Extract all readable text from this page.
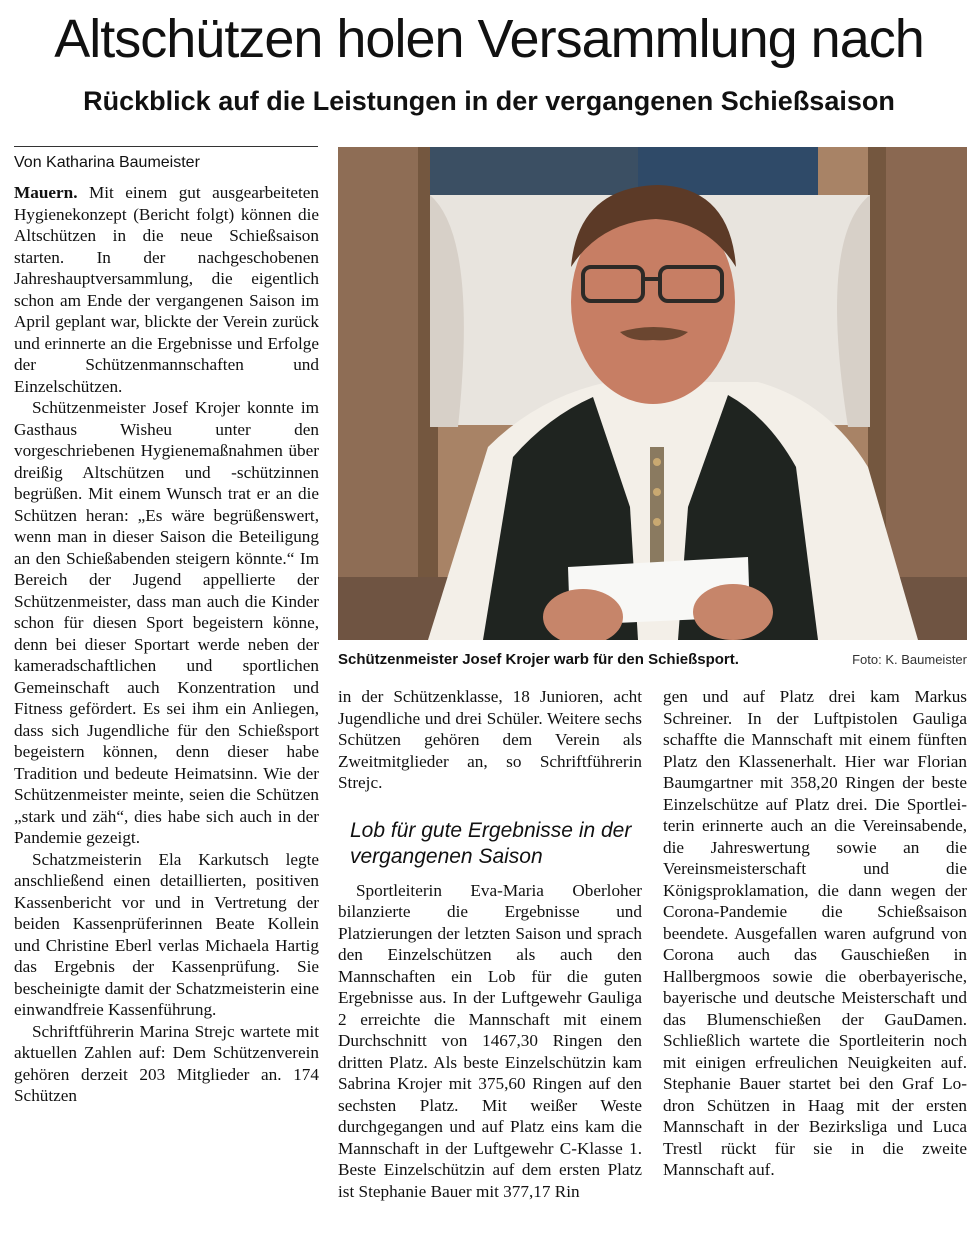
Altschützen holen Versammlung nach
Rückblick auf die Leistungen in der vergangenen Schießsaison
Von Katharina Baumeister

Mauern. Mit einem gut ausgearbeiteten Hygienekonzept (Bericht folgt) können die Altschützen in die neue Schießsaison starten. In der nachgeschobenen Jahreshauptversammlung, die eigentlich schon am Ende der vergangenen Saison im April geplant war, blickte der Verein zurück und erinnerte an die Ergebnisse und Erfolge der Schützenmannschaften und Einzelschützen.

Schützenmeister Josef Krojer konnte im Gasthaus Wisheu unter den vorgeschriebenen Hygienemaßnahmen über dreißig Altschützen und -schützinnen begrüßen. Mit einem Wunsch trat er an die Schützen heran: „Es wäre begrüßenswert, wenn man in dieser Saison die Beteiligung an den Schießabenden steigern könnte.“ Im Bereich der Jugend appellierte der Schützenmeister, dass man auch die Kinder schon für diesen Sport begeistern könne, denn bei dieser Sportart werde neben der kameradschaftlichen und sportlichen Gemeinschaft auch Konzentration und Fitness gefördert. Es sei ihm ein Anliegen, dass sich Jugendliche für den Schießsport begeistern können, denn dieser habe Tradition und bedeute Heimatsinn. Wie der Schützenmeister meinte, seien die Schützen „stark und zäh“, dies habe sich auch in der Pandemie gezeigt.

Schatzmeisterin Ela Karkutsch legte anschließend einen detaillierten, positiven Kassenbericht vor und in Vertretung der beiden Kassenprüferinnen Beate Kollein und Christine Eberl verlas Michaela Hartig das Ergebnis der Kassenprüfung. Sie bescheinigte damit der Schatzmeisterin eine einwandfreie Kassenführung.

Schriftführerin Marina Strejc wartete mit aktuellen Zahlen auf: Dem Schützenverein gehören derzeit 203 Mitglieder an. 174 Schützen

Schützenmeister Josef Krojer warb für den Schießsport.	Foto: K. Baumeister

in der Schützenklasse, 18 Junioren, acht Jugendliche und drei Schüler. Weitere sechs Schützen gehören dem Verein als Zweitmitglieder an, so Schriftführerin Strejc.

Lob für gute Ergebnisse in der vergangenen Saison

Sportleiterin Eva-Maria Oberloher bilanzierte die Ergebnisse und Platzierungen der letzten Saison und sprach den Einzelschützen als auch den Mannschaften ein Lob für die guten Ergebnisse aus. In der Luftgewehr Gauliga 2 erreichte die Mannschaft mit einem Durchschnitt von 1467,30 Ringen den dritten Platz. Als beste Einzelschützin kam Sabrina Krojer mit 375,60 Ringen auf den sechsten Platz. Mit weißer Weste durchgegangen und auf Platz eins kam die Mannschaft in der Luftgewehr C-Klasse 1. Beste Einzelschützin auf dem ersten Platz ist Stephanie Bauer mit 377,17 Rin

gen und auf Platz drei kam Markus Schreiner. In der Luftpistolen Gauliga schaffte die Mannschaft mit einem fünften Platz den Klassenerhalt. Hier war Florian Baumgartner mit 358,20 Ringen der beste Einzelschütze auf Platz drei. Die Sportleiterin erinnerte auch an die Vereinsabende, die Jahreswertung sowie an die Vereinsmeisterschaft und die Königsproklamation, die dann wegen der Corona-Pandemie die Schießsaison beendete. Ausgefallen waren aufgrund von Corona auch das Gauschießen in Hallbergmoos sowie die oberbayerische, bayerische und deutsche Meisterschaft und das Blumenschießen der GauDamen. Schließlich wartete die Sportleiterin noch mit einigen erfreulichen Neuigkeiten auf. Stephanie Bauer startet bei den Graf Lodron Schützen in Haag mit der ersten Mannschaft in der Bezirksliga und Luca Trestl rückt für sie in die zweite Mannschaft auf.
